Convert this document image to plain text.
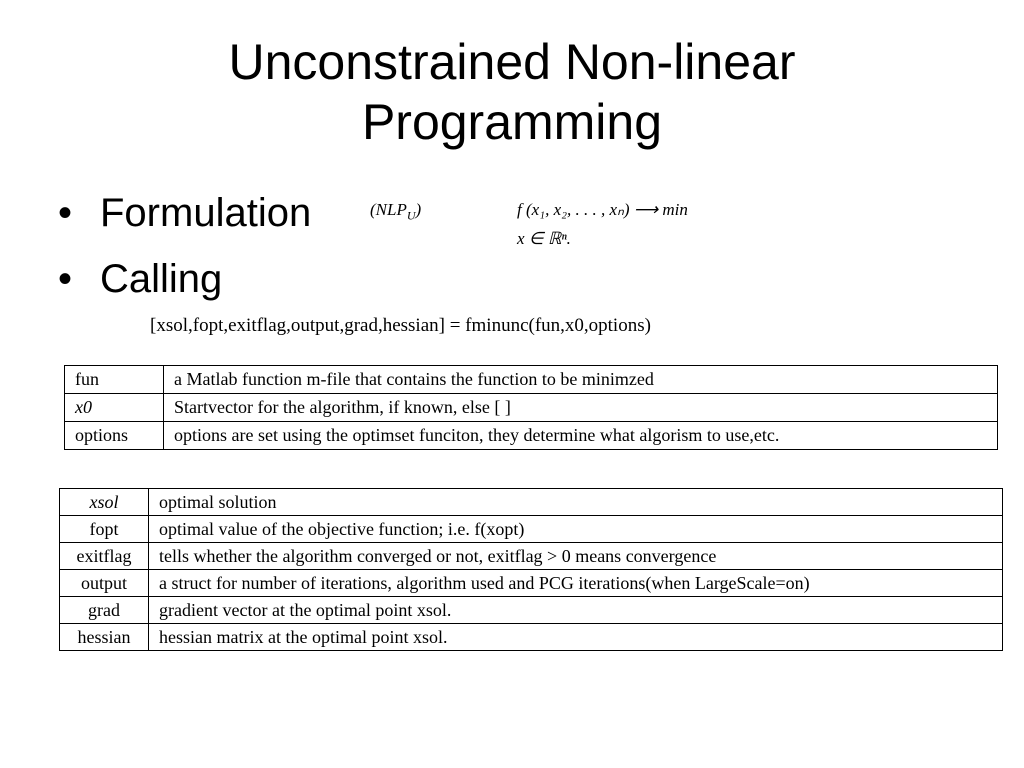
Unconstrained Non-linear
Programming
• Formulation
• Calling
$(NLP_U)$	f (x₁, x₂, . . . , xₙ) ⟶ min
x ∈ ℝⁿ.
[xsol,fopt,exitflag,output,grad,hessian] = fminunc(fun,x0,options)
fun	a Matlab function m-file that contains the function to be minimzed
x0	Startvector for the algorithm, if known, else [ ]
options	options are set using the optimset funciton, they determine what algorism to use,etc.
xsol	optimal solution
fopt	optimal value of the objective function; i.e. f(xopt)
exitflag	tells whether the algorithm converged or not, exitflag > 0 means convergence
output	a struct for number of iterations, algorithm used and PCG iterations(when LargeScale=on)
grad	gradient vector at the optimal point xsol.
hessian	hessian matrix at the optimal point xsol.
